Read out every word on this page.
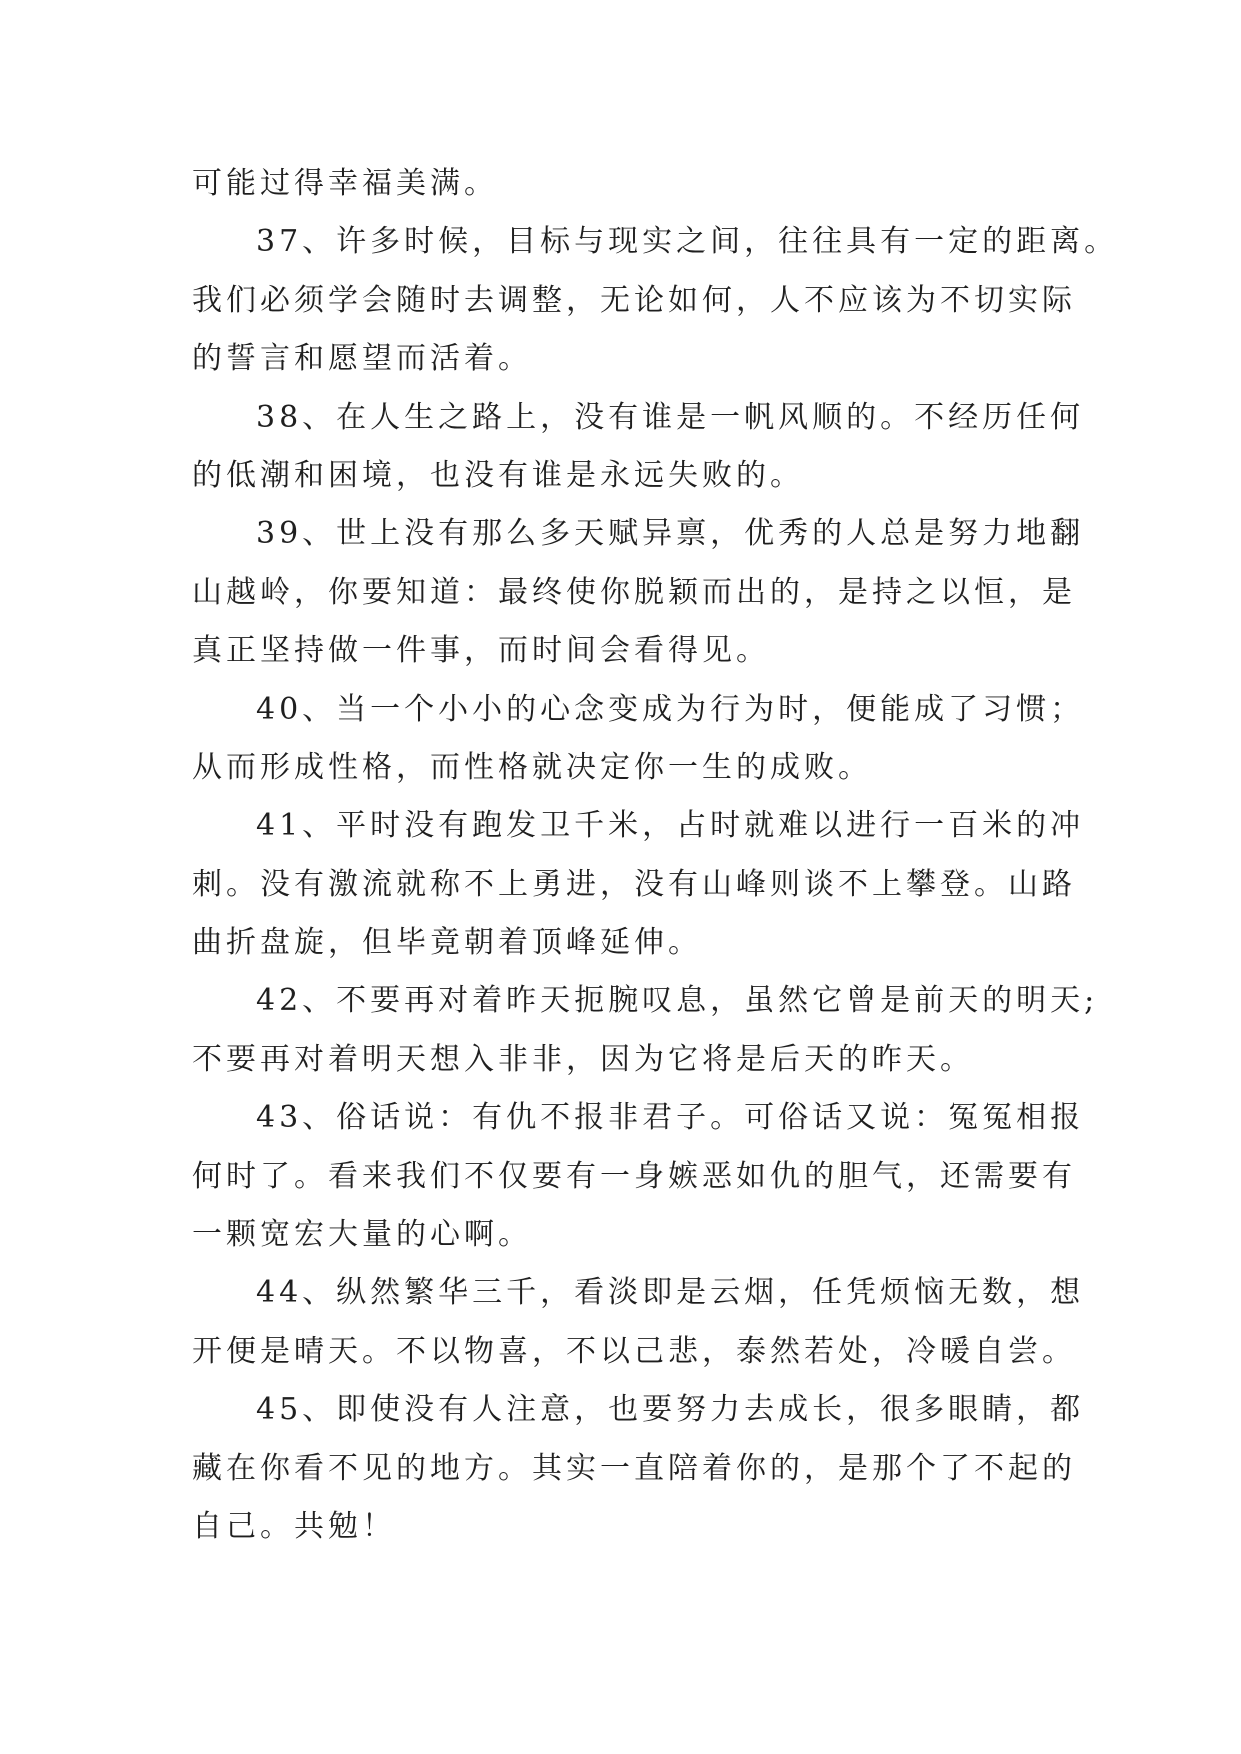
可能过得幸福美满。
37、许多时候，目标与现实之间，往往具有一定的距离。
我们必须学会随时去调整，无论如何，人不应该为不切实际
的誓言和愿望而活着。
38、在人生之路上，没有谁是一帆风顺的。不经历任何
的低潮和困境，也没有谁是永远失败的。
39、世上没有那么多天赋异禀，优秀的人总是努力地翻
山越岭，你要知道：最终使你脱颖而出的，是持之以恒，是
真正坚持做一件事，而时间会看得见。
40、当一个小小的心念变成为行为时，便能成了习惯；
从而形成性格，而性格就决定你一生的成败。
41、平时没有跑发卫千米，占时就难以进行一百米的冲
刺。没有激流就称不上勇进，没有山峰则谈不上攀登。山路
曲折盘旋，但毕竟朝着顶峰延伸。
42、不要再对着昨天扼腕叹息，虽然它曾是前天的明天;
不要再对着明天想入非非，因为它将是后天的昨天。
43、俗话说：有仇不报非君子。可俗话又说：冤冤相报
何时了。看来我们不仅要有一身嫉恶如仇的胆气，还需要有
一颗宽宏大量的心啊。
44、纵然繁华三千，看淡即是云烟，任凭烦恼无数，想
开便是晴天。不以物喜，不以己悲，泰然若处，冷暖自尝。
45、即使没有人注意，也要努力去成长，很多眼睛，都
藏在你看不见的地方。其实一直陪着你的，是那个了不起的
自己。共勉！
